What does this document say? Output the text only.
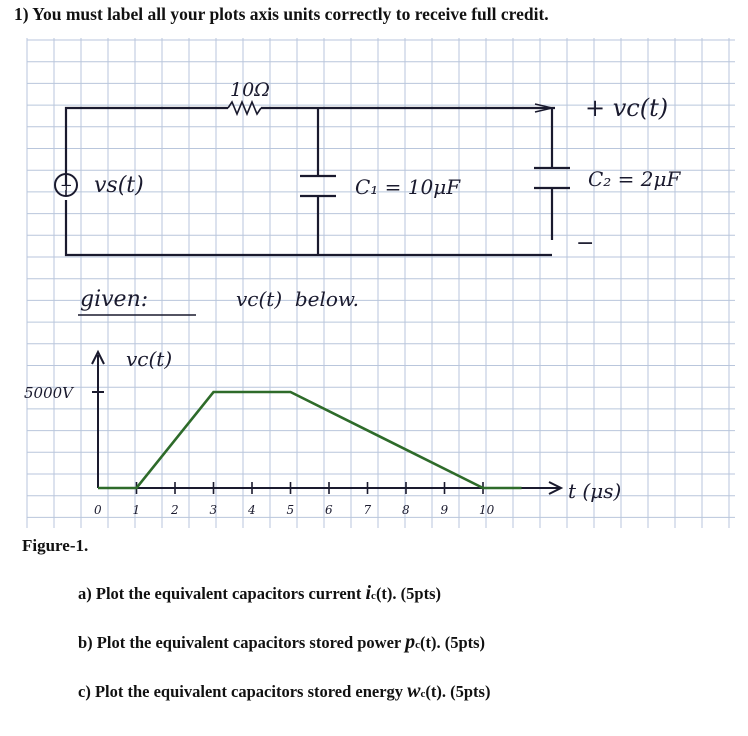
1) You must label all your plots axis units correctly to receive full credit.
+
10Ω
vs(t)	C₁ = 10μF	C₂ = 2μF
+ vc(t)
−
given:	vc(t)  below.
vc(t)
t (μs)
5000V
0	1	2	3	4	5	6	7	8	9	10
Figure-1.
a) Plot the equivalent capacitors current ic(t). (5pts)
b) Plot the equivalent capacitors stored power pc(t). (5pts)
c) Plot the equivalent capacitors stored energy wc(t). (5pts)
